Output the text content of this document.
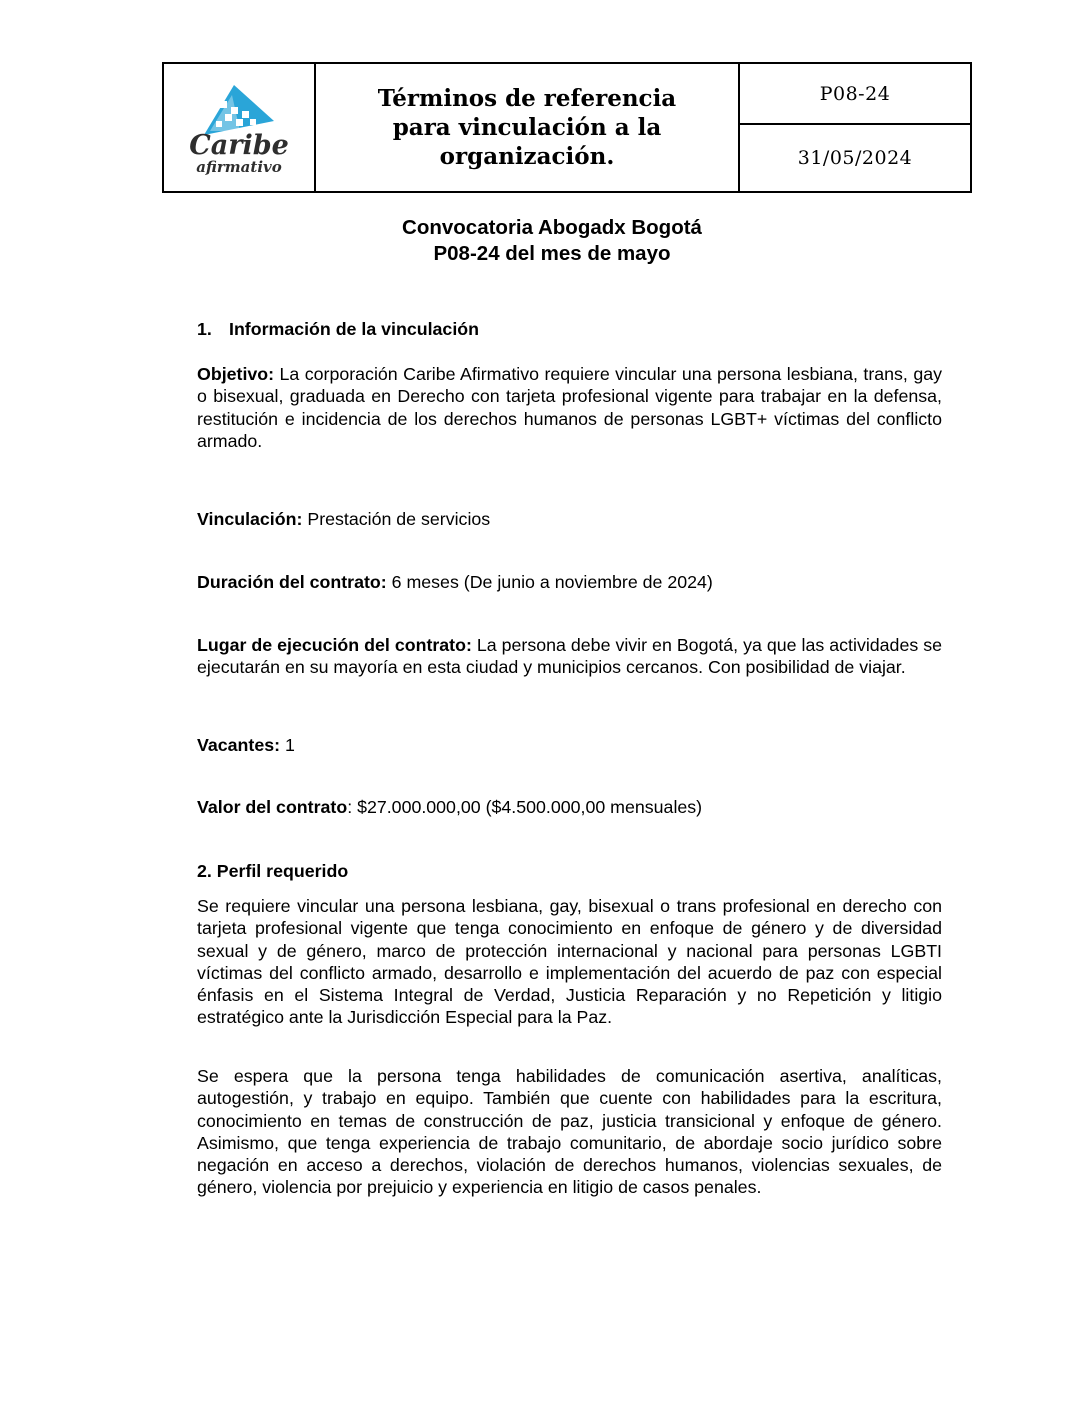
Caribe
afirmativo

Términos de referencia para vinculación a la organización.
	P08-24
31/05/2024
Convocatoria Abogadx Bogotá
P08-24 del mes de mayo
1. Información de la vinculación
Objetivo: La corporación Caribe Afirmativo requiere vincular una persona lesbiana, trans, gay o bisexual, graduada en Derecho con tarjeta profesional vigente para trabajar en la defensa, restitución e incidencia de los derechos humanos de personas LGBT+ víctimas del conflicto armado.
Vinculación: Prestación de servicios
Duración del contrato: 6 meses (De junio a noviembre de 2024)
Lugar de ejecución del contrato: La persona debe vivir en Bogotá, ya que las actividades se ejecutarán en su mayoría en esta ciudad y municipios cercanos. Con posibilidad de viajar.
Vacantes: 1
Valor del contrato: $27.000.000,00 ($4.500.000,00 mensuales)
2. Perfil requerido
Se requiere vincular una persona lesbiana, gay, bisexual o trans profesional en derecho con tarjeta profesional vigente que tenga conocimiento en enfoque de género y de diversidad sexual y de género, marco de protección internacional y nacional para personas LGBTI víctimas del conflicto armado, desarrollo e implementación del acuerdo de paz con especial énfasis en el Sistema Integral de Verdad, Justicia Reparación y no Repetición y litigio estratégico ante la Jurisdicción Especial para la Paz.
Se espera que la persona tenga habilidades de comunicación asertiva, analíticas, autogestión, y trabajo en equipo. También que cuente con habilidades para la escritura, conocimiento en temas de construcción de paz, justicia transicional y enfoque de género. Asimismo, que tenga experiencia de trabajo comunitario, de abordaje socio jurídico sobre negación en acceso a derechos, violación de derechos humanos, violencias sexuales, de género, violencia por prejuicio y experiencia en litigio de casos penales.
